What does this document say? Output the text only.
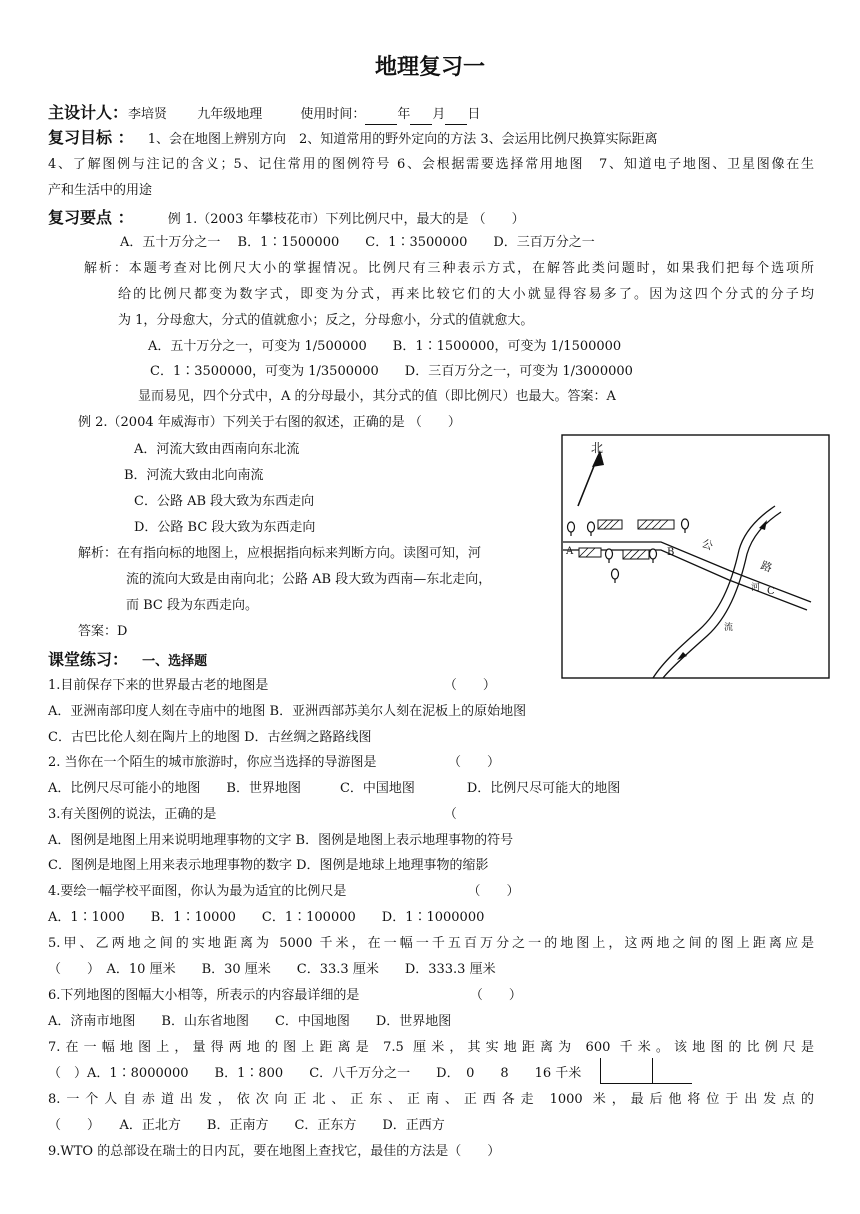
地理复习一
主设计人：李培贤 九年级地理	使用时间： 年 月 日
复习目标 ： 1、会在地图上辨别方向　2、知道常用的野外定向的方法 3、会运用比例尺换算实际距离
4、了解图例与注记的含义；5、记住常用的图例符号 6、会根据需要选择常用地图　7、知道电子地图、卫星图像在生
产和生活中的用途
复习要点 ：	例 1.（2003 年攀枝花市）下列比例尺中，最大的是 （　　）
A．五十万分之一　 B．1∶1500000　　C．1∶3500000　　D．三百万分之一
解析：本题考查对比例尺大小的掌握情况。比例尺有三种表示方式，在解答此类问题时，如果我们把每个选项所
给的比例尺都变为数字式，即变为分式，再来比较它们的大小就显得容易多了。因为这四个分式的分子均
为 1，分母愈大，分式的值就愈小；反之，分母愈小，分式的值就愈大。
A．五十万分之一，可变为 1/500000　　B．1∶1500000，可变为 1/1500000
C．1∶3500000，可变为 1/3500000　　D．三百万分之一，可变为 1/3000000
显而易见，四个分式中，A 的分母最小，其分式的值（即比例尺）也最大。答案：A
例 2.（2004 年威海市）下列关于右图的叙述，正确的是 （　　）
A．河流大致由西南向东北流
B．河流大致由北向南流
C．公路 AB 段大致为东西走向
D．公路 BC 段大致为东西走向
解析：在有指向标的地图上，应根据指向标来判断方向。读图可知，河
流的流向大致是由南向北；公路 AB 段大致为西南—东北走向，
而 BC 段为东西走向。
答案：D
北
A	B
C
公
路
河
流
课堂练习： 一、选择题
1.目前保存下来的世界最古老的地图是　　　　　　　　　　　　　　（　　）
A．亚洲南部印度人刻在寺庙中的地图 B．亚洲西部苏美尔人刻在泥板上的原始地图
C．古巴比伦人刻在陶片上的地图 D．古丝绸之路路线图
2. 当你在一个陌生的城市旅游时，你应当选择的导游图是　　　　　　（　　）
A．比例尺尽可能小的地图　　B．世界地图　　　C．中国地图　　　　D．比例尺尽可能大的地图
3.有关图例的说法，正确的是　　　　　　　　　　　　　　　　　　（
A．图例是地图上用来说明地理事物的文字 B．图例是地图上表示地理事物的符号
C．图例是地图上用来表示地理事物的数字 D．图例是地球上地理事物的缩影
4.要绘一幅学校平面图，你认为最为适宜的比例尺是　　　　　　　　　 （　　）
A．1∶1000　　B．1∶10000　　C．1∶100000　　D．1∶1000000
5.甲、乙两地之间的实地距离为 5000 千米，在一幅一千五百万分之一的地图上，这两地之间的图上距离应是
（　　）　A．10 厘米　　B．30 厘米　　C．33.3 厘米　　D．333.3 厘米
6.下列地图的图幅大小相等，所表示的内容最详细的是　　　　　　　　　（　　）
A．济南市地图　　B．山东省地图　　C．中国地图　　D．世界地图
7.在一幅地图上，量得两地的图上距离是 7.5 厘米，其实地距离为 600 千米。该地图的比例尺是
（　）A．1∶8000000　　B．1∶800　　C．八千万分之一　　D．　0　　8　　16 千米
8.一个人自赤道出发，依次向正北、正东、正南、正西各走 1000 米，最后他将位于出发点的
（　　）　　A．正北方　　B．正南方　　C．正东方　　D．正西方
9.WTO 的总部设在瑞士的日内瓦，要在地图上查找它，最佳的方法是（　　）
